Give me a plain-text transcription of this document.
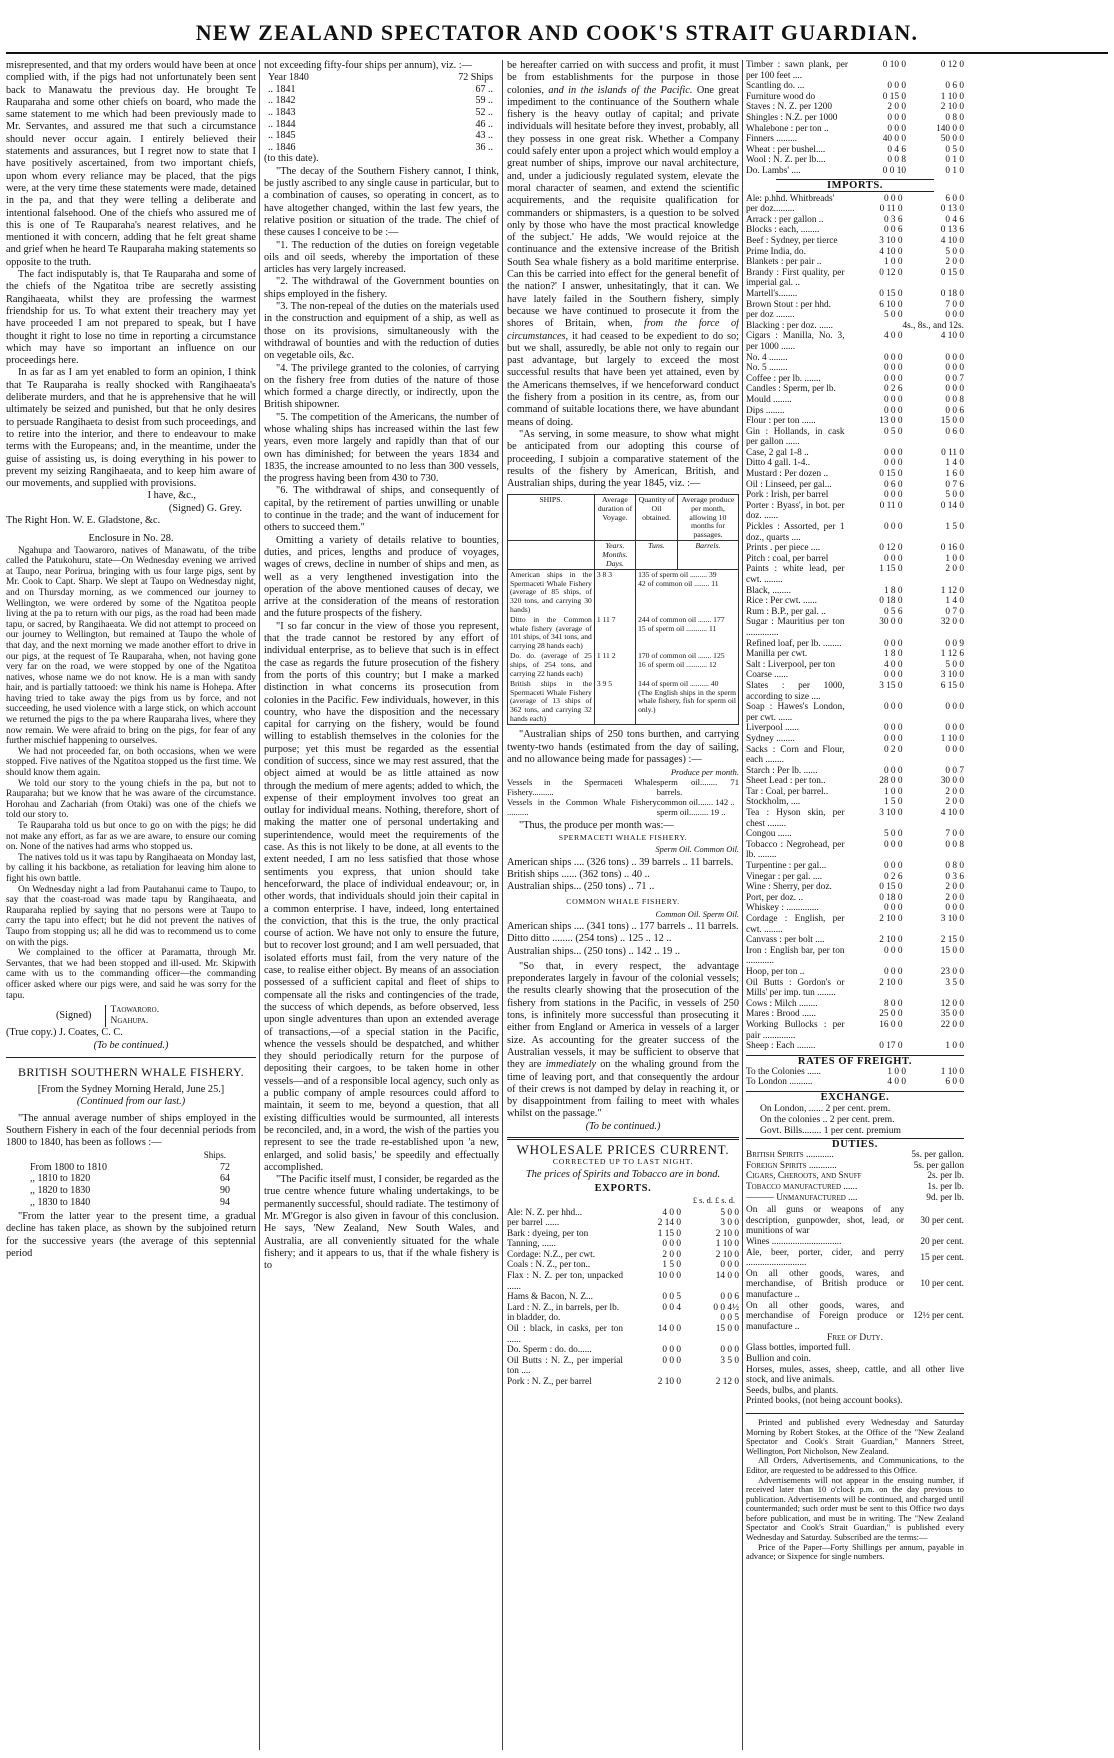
NEW ZEALAND SPECTATOR AND COOK'S STRAIT GUARDIAN.

misrepresented, and that my orders would have been at once complied with, if the pigs had not unfortunately been sent back to Manawatu the previous day. He brought Te Rauparaha and some other chiefs on board, who made the same statement to me which had been previously made to Mr. Servantes, and assured me that such a circumstance should never occur again. I entirely believed their statements and assurances, but I regret now to state that I have positively ascertained, from two important chiefs, upon whom every reliance may be placed, that the pigs were, at the very time these statements were made, detained in the pa, and that they were telling a deliberate and intentional falsehood. One of the chiefs who assured me of this is one of Te Rauparaha's nearest relatives, and he mentioned it with concern, adding that he felt great shame and grief when he heard Te Rauparaha making statements so opposite to the truth.

The fact indisputably is, that Te Rauparaha and some of the chiefs of the Ngatitoa tribe are secretly assisting Rangihaeata, whilst they are professing the warmest friendship for us. To what extent their treachery may yet have proceeded I am not prepared to speak, but I have thought it right to lose no time in reporting a circumstance which may have so important an influence on our proceedings here.

In as far as I am yet enabled to form an opinion, I think that Te Rauparaha is really shocked with Rangihaeata's deliberate murders, and that he is apprehensive that he will ultimately be seized and punished, but that he only desires to persuade Rangihaeta to desist from such proceedings, and to retire into the interior, and there to endeavour to make terms with the Europeans; and, in the meantime, under the guise of assisting us, is doing everything in his power to prevent my seizing Rangihaeata, and to keep him aware of our movements, and supplied with provisions.

I have, &c.,

(Signed) G. Grey.

The Right Hon. W. E. Gladstone, &c.

Enclosure in No. 28.

Ngahupa and Taowaroro, natives of Manawatu, of the tribe called the Patukohuru, state—On Wednesday evening we arrived at Taupo, near Porirua, bringing with us four large pigs, sent by Mr. Cook to Capt. Sharp. We slept at Taupo on Wednesday night, and on Thursday morning, as we commenced our journey to Wellington, we were ordered by some of the Ngatitoa people living at the pa to return with our pigs, as the road had been made tapu, or sacred, by Rangihaeata. We did not attempt to proceed on our journey to Wellington, but remained at Taupo the whole of that day, and the next morning we made another effort to drive in our pigs, at the request of Te Rauparaha, when, not having gone very far on the road, we were stopped by one of the Ngatitoa natives, whose name we do not know. He is a man with sandy hair, and is partially tattooed: we think his name is Hohepa. After having tried to take away the pigs from us by force, and not succeeding, he used violence with a large stick, on which account we returned the pigs to the pa where Rauparaha lives, where they now remain. We were afraid to bring on the pigs, for fear of any further mischief happening to ourselves.

We had not proceeded far, on both occasions, when we were stopped. Five natives of the Ngatitoa stopped us the first time. We should know them again.

We told our story to the young chiefs in the pa, but not to Rauparaha; but we know that he was aware of the circumstance. Horohau and Zachariah (from Otaki) was one of the chiefs we told our story to.

Te Rauparaha told us but once to go on with the pigs; he did not make any effort, as far as we are aware, to ensure our coming on. None of the natives had arms who stopped us.

The natives told us it was tapu by Rangihaeata on Monday last, by calling it his backbone, as retaliation for leaving him alone to fight his own battle.

On Wednesday night a lad from Pautahanui came to Taupo, to say that the coast-road was made tapu by Rangihaeata, and Rauparaha replied by saying that no persons were at Taupo to carry the tapu into effect; but he did not prevent the natives of Taupo from stopping us; all he did was to recommend us to come on with the pigs.

We complained to the officer at Paramatta, through Mr. Servantes, that we had been stopped and ill-used. Mr. Skipwith came with us to the commanding officer—the commanding officer asked where our pigs were, and said he was sorry for the tapu.

(Signed)	Taowaroro.
Ngahupa.

(True copy.) J. Coates, C. C.

(To be continued.)

BRITISH SOUTHERN WHALE FISHERY.

[From the Sydney Morning Herald, June 25.]

(Continued from our last.)

"The annual average number of ships employed in the Southern Fishery in each of the four decennial periods from 1800 to 1840, has been as follows :—

Ships.
From 1800 to 1810	72
,, 1810 to 1820	64
,, 1820 to 1830	90
,, 1830 to 1840	94

"From the latter year to the present time, a gradual decline has taken place, as shown by the subjoined return for the successive years (the average of this septennial period

not exceeding fifty-four ships per annum), viz. :—

Year 1840	72 Ships
.. 1841	67 ..
.. 1842	59 ..
.. 1843	52 ..
.. 1844	46 ..
.. 1845	43 ..
.. 1846	36 ..

(to this date).

"The decay of the Southern Fishery cannot, I think, be justly ascribed to any single cause in particular, but to a combination of causes, so operating in concert, as to have altogether changed, within the last few years, the relative position or situation of the trade. The chief of these causes I conceive to be :—

"1. The reduction of the duties on foreign vegetable oils and oil seeds, whereby the importation of these articles has very largely increased.

"2. The withdrawal of the Government bounties on ships employed in the fishery.

"3. The non-repeal of the duties on the materials used in the construction and equipment of a ship, as well as those on its provisions, simultaneously with the withdrawal of bounties and with the reduction of duties on vegetable oils, &c.

"4. The privilege granted to the colonies, of carrying on the fishery free from duties of the nature of those which formed a charge directly, or indirectly, upon the British shipowner.

"5. The competition of the Americans, the number of whose whaling ships has increased within the last few years, even more largely and rapidly than that of our own has diminished; for between the years 1834 and 1835, the increase amounted to no less than 300 vessels, the progress having been from 430 to 730.

"6. The withdrawal of ships, and consequently of capital, by the retirement of parties unwilling or unable to continue in the trade; and the want of inducement for others to succeed them."

Omitting a variety of details relative to bounties, duties, and prices, lengths and produce of voyages, wages of crews, decline in number of ships and men, as well as a very lengthened investigation into the operation of the above mentioned causes of decay, we arrive at the consideration of the means of restoration and the future prospects of the fishery.

"I so far concur in the view of those you represent, that the trade cannot be restored by any effort of individual enterprise, as to believe that such is in effect the case as regards the future prosecution of the fishery from the ports of this country; but I make a marked distinction in what concerns its prosecution from colonies in the Pacific. Few individuals, however, in this country, who have the disposition and the necessary capital for carrying on the fishery, would be found willing to establish themselves in the colonies for the purpose; yet this must be regarded as the essential condition of success, since we may rest assured, that the object aimed at would be as little attained as now through the medium of mere agents; added to which, the expense of their employment involves too great an outlay for individual means. Nothing, therefore, short of making the matter one of personal undertaking and superintendence, would meet the requirements of the case. As this is not likely to be done, at all events to the extent needed, I am no less satisfied that those whose sentiments you express, that union should take henceforward, the place of individual endeavour; or, in other words, that individuals should join their capital in a common enterprise. I have, indeed, long entertained the conviction, that this is the true, the only practical course of action. We have not only to ensure the future, but to recover lost ground; and I am well persuaded, that isolated efforts must fail, from the very nature of the case, to realise either object. By means of an association possessed of a sufficient capital and fleet of ships to compensate all the risks and contingencies of the trade, the success of which depends, as before observed, less upon single adventures than upon an extended average of transactions,—of a special station in the Pacific, whence the vessels should be despatched, and whither they should periodically return for the purpose of depositing their cargoes, to be taken home in other vessels—and of a responsible local agency, such only as a public company of ample resources could afford to maintain, it seem to me, beyond a question, that all existing difficulties would be surmounted, all interests be reconciled, and, in a word, the wish of the parties you represent to see the trade re-established upon 'a new, enlarged, and solid basis,' be speedily and effectually accomplished.

"The Pacific itself must, I consider, be regarded as the true centre whence future whaling undertakings, to be permanently successful, should radiate. The testimony of Mr. M'Gregor is also given in favour of this conclusion. He says, 'New Zealand, New South Wales, and Australia, are all conveniently situated for the whale fishery; and it appears to us, that if the whale fishery is to

be hereafter carried on with success and profit, it must be from establishments for the purpose in those colonies, and in the islands of the Pacific. One great impediment to the continuance of the Southern whale fishery is the heavy outlay of capital; and private individuals will hesitate before they invest, probably, all they possess in one great risk. Whether a Company could safely enter upon a project which would employ a great number of ships, improve our naval architecture, and, under a judiciously regulated system, elevate the moral character of seamen, and extend the scientific acquirements, and the requisite qualification for commanders or shipmasters, is a question to be solved only by those who have the most practical knowledge of the subject.' He adds, 'We would rejoice at the continuance and the extensive increase of the British South Sea whale fishery as a bold maritime enterprise. Can this be carried into effect for the general benefit of the nation?' I answer, unhesitatingly, that it can. We have lately failed in the Southern fishery, simply because we have continued to prosecute it from the shores of Britain, when, from the force of circumstances, it had ceased to be expedient to do so; but we shall, assuredly, be able not only to regain our past advantage, but largely to exceed the most successful results that have been yet attained, even by the Americans themselves, if we henceforward conduct the fishery from a position in its centre, as, from our command of suitable locations there, we have abundant means of doing.

"As serving, in some measure, to show what might be anticipated from our adopting this course of proceeding, I subjoin a comparative statement of the results of the fishery by American, British, and Australian ships, during the year 1845, viz. :—

SHIPS.	Average duration of Voyage.	Quantity of Oil obtained.	Average produce per month, allowing 10 months for passages.
	Years. Months. Days.	Tuns.	Barrels.
American ships in the Spermaceti Whale Fishery (average of 85 ships, of 320 tons, and carrying 30 hands)	3 8 3	135 of sperm oil ......... 39
42 of common oil ........ 11	
Ditto in the Common whale fishery (average of 101 ships, of 341 tons, and carrying 28 hands each)	1 11 7	244 of common oil ....... 177
15 of sperm oil ........... 11	
Do. do. (average of 25 ships, of 254 tons, and carrying 22 hands each)	1 11 2	170 of common oil ....... 125
16 of sperm oil ........... 12	
British ships in the Spermaceti Whale Fishery (average of 13 ships of 362 tons, and carrying 32 hands each)	3 9 5	144 of sperm oil .......... 40
(The English ships in the sperm whale fishery, fish for sperm oil only.)	

"Australian ships of 250 tons burthen, and carrying twenty-two hands (estimated from the day of sailing, and no allowance being made for passages) :—

Produce per month.
Vessels in the Spermaceti Whale Fishery..........	sperm oil........ 71 barrels.
Vessels in the Common Whale Fishery ..........	common oil....... 142 ..
sperm oil......... 19 ..

"Thus, the produce per month was:—

SPERMACETI WHALE FISHERY.
Sperm Oil. Common Oil.
American ships .... (326 tons) .. 39 barrels .. 11 barrels.
British ships ...... (362 tons) .. 40 ..
Australian ships... (250 tons) .. 71 ..
COMMON WHALE FISHERY.
Common Oil. Sperm Oil.
American ships .... (341 tons) .. 177 barrels .. 11 barrels.
Ditto ditto ........ (254 tons) .. 125 .. 12 ..
Australian ships... (250 tons) .. 142 .. 19 ..

"So that, in every respect, the advantage preponderates largely in favour of the colonial vessels; the results clearly showing that the prosecution of the fishery from stations in the Pacific, in vessels of 250 tons, is infinitely more successful than prosecuting it either from England or America in vessels of a larger size. As accounting for the greater success of the Australian vessels, it may be sufficient to observe that they are immediately on the whaling ground from the time of leaving port, and that consequently the ardour of their crews is not damped by delay in reaching it, or by disappointment from failing to meet with whales whilst on the passage."

(To be continued.)

WHOLESALE PRICES CURRENT.
CORRECTED UP TO LAST NIGHT.
The prices of Spirits and Tobacco are in bond.
EXPORTS.
£ s. d. £ s. d.
Ale: N. Z. per hhd...	4 0 0	5 0 0
per barrel ......	2 14 0	3 0 0
Bark : dyeing, per ton	1 15 0	2 10 0
Tanning, ......	0 0 0	1 10 0
Cordage: N.Z., per cwt.	2 0 0	2 10 0
Coals : N. Z., per ton..	1 5 0	0 0 0
Flax : N. Z. per ton, unpacked ......	10 0 0	14 0 0
Hams & Bacon, N. Z...	0 0 5	0 0 6
Lard : N. Z., in barrels, per lb.	0 0 4	0 0 4½
in bladder, do.		0 0 5
Oil : black, in casks, per ton ......	14 0 0	15 0 0
Do. Sperm : do. do......	0 0 0	0 0 0
Oil Butts : N. Z., per imperial ton ....	0 0 0	3 5 0
Pork : N. Z., per barrel	2 10 0	2 12 0
Timber : sawn plank, per per 100 feet ....	0 10 0	0 12 0
Scantling do. ...	0 0 0	0 6 0
Furniture wood do	0 15 0	1 10 0
Staves : N. Z. per 1200	2 0 0	2 10 0
Shingles : N.Z. per 1000	0 0 0	0 8 0
Whalebone : per ton ..	0 0 0	140 0 0
Finners .........	40 0 0	50 0 0
Wheat : per bushel....	0 4 6	0 5 0
Wool : N. Z. per lb....	0 0 8	0 1 0
Do. Lambs' ....	0 0 10	0 1 0
IMPORTS.
Ale: p.hhd. Whitbreads'	0 0 0	6 0 0
per doz.........	0 11 0	0 13 0
Arrack : per gallon ..	0 3 6	0 4 6
Blocks : each, ........	0 0 6	0 13 6
Beef : Sydney, per tierce	3 10 0	4 10 0
Prime India, do.	4 10 0	5 0 0
Blankets : per pair ..	1 0 0	2 0 0
Brandy : First quality, per imperial gal. ..	0 12 0	0 15 0
Martell's........	0 15 0	0 18 0
Brown Stout : per hhd.	6 10 0	7 0 0
per doz ........	5 0 0	0 0 0
Blacking : per doz. ......		4s., 8s., and 12s.
Cigars : Manilla, No. 3, per 1000 ......	4 0 0	4 10 0
No. 4 ........	0 0 0	0 0 0
No. 5 ........	0 0 0	0 0 0
Coffee : per lb. .......	0 0 0	0 0 7
Candles : Sperm, per lb.	0 2 6	0 0 0
Mould ........	0 0 0	0 0 8
Dips ........	0 0 0	0 0 6
Flour : per ton ......	13 0 0	15 0 0
Gin : Hollands, in cask per gallon ......	0 5 0	0 6 0
Case, 2 gal 1-8 ..	0 0 0	0 11 0
Ditto 4 gall. 1-4..	0 0 0	1 4 0
Mustard : Per dozen ..	0 15 0	1 6 0
Oil : Linseed, per gal...	0 6 0	0 7 6
Pork : Irish, per barrel	0 0 0	5 0 0
Porter : Byass', in bot. per doz. ......	0 11 0	0 14 0
Pickles : Assorted, per 1 doz., quarts ....	0 0 0	1 5 0
Prints . per piece ....	0 12 0	0 16 0
Pitch : coal, per barrel	0 0 0	1 0 0
Paints : white lead, per cwt. ........	1 15 0	2 0 0
Black, ........	1 8 0	1 12 0
Rice : Per cwt. ......	0 18 0	1 4 0
Rum : B.P., per gal. ..	0 5 6	0 7 0
Sugar : Mauritius per ton ..............	30 0 0	32 0 0
Refined loaf, per lb. ........	0 0 0	0 0 9
Manilla per cwt.	1 8 0	1 12 6
Salt : Liverpool, per ton	4 0 0	5 0 0
Coarse ......	0 0 0	3 10 0
Slates : per 1000, according to size ....	3 15 0	6 15 0
Soap : Hawes's London, per cwt. ......	0 0 0	0 0 0
Liverpool ......	0 0 0	0 0 0
Sydney ........	0 0 0	1 10 0
Sacks : Corn and Flour, each ........	0 2 0	0 0 0
Starch : Per lb. ......	0 0 0	0 0 7
Sheet Lead : per ton..	28 0 0	30 0 0
Tar : Coal, per barrel..	1 0 0	2 0 0
Stockholm, ....	1 5 0	2 0 0
Tea : Hyson skin, per chest ........	3 10 0	4 10 0
Congou ......	5 0 0	7 0 0
Tobacco : Negrohead, per lb. ........	0 0 0	0 0 8
Turpentine : per gal...	0 0 0	0 8 0
Vinegar : per gal. ....	0 2 6	0 3 6
Wine : Sherry, per doz.	0 15 0	2 0 0
Port, per doz. ..	0 18 0	2 0 0
Whiskey : ..............	0 0 0	0 0 0
Cordage : English, per cwt. ........	2 10 0	3 10 0
Canvass : per bolt ....	2 10 0	2 15 0
Iron : English bar, per ton ............	0 0 0	15 0 0
Hoop, per ton ..	0 0 0	23 0 0
Oil Butts : Gordon's or Mills' per imp. tun ........	2 10 0	3 5 0
Cows : Milch ........	8 0 0	12 0 0
Mares : Brood ......	25 0 0	35 0 0
Working Bullocks : per pair ..............	16 0 0	22 0 0
Sheep : Each ........	0 17 0	1 0 0
RATES OF FREIGHT.
To the Colonies ......	1 0 0	1 10 0
To London ..........	4 0 0	6 0 0
EXCHANGE.
On London, ...... 2 per cent. prem.
On the colonies .. 2 per cent. prem.
Govt. Bills........ 1 per cent. premium
DUTIES.
British Spirits ............	5s. per gallon.
Foreign Spirits ............	5s. per gallon
Cigars, Cheroots, and Snuff	2s. per lb.
Tobacco manufactured ......	1s. per lb.
——— Unmanufactured ....	9d. per lb.
On all guns or weapons of any description, gunpowder, shot, lead, or munitions of war	30 per cent.
Wines ..............................	20 per cent.
Ale, beer, porter, cider, and perry ..........................	15 per cent.
On all other goods, wares, and merchandise, of British produce or manufacture ..	10 per cent.
On all other goods, wares, and merchandise of Foreign produce or manufacture ..	12½ per cent.
Free of Duty.
Glass bottles, imported full.
Bullion and coin.
Horses, mules, asses, sheep, cattle, and all other live stock, and live animals.
Seeds, bulbs, and plants.
Printed books, (not being account books).

Printed and published every Wednesday and Saturday Morning by Robert Stokes, at the Office of the "New Zealand Spectator and Cook's Strait Guardian," Manners Street, Wellington, Port Nicholson, New Zealand.

All Orders, Advertisements, and Communications, to the Editor, are requested to be addressed to this Office.

Advertisements will not appear in the ensuing number, if received later than 10 o'clock p.m. on the day previous to publication. Advertisements will be continued, and charged until countermanded; such order must be sent to this Office two days before publication, and must be in writing. The "New Zealand Spectator and Cook's Strait Guardian," is published every Wednesday and Saturday. Subscribed are the terms:—

Price of the Paper—Forty Shillings per annum, payable in advance; or Sixpence for single numbers.
